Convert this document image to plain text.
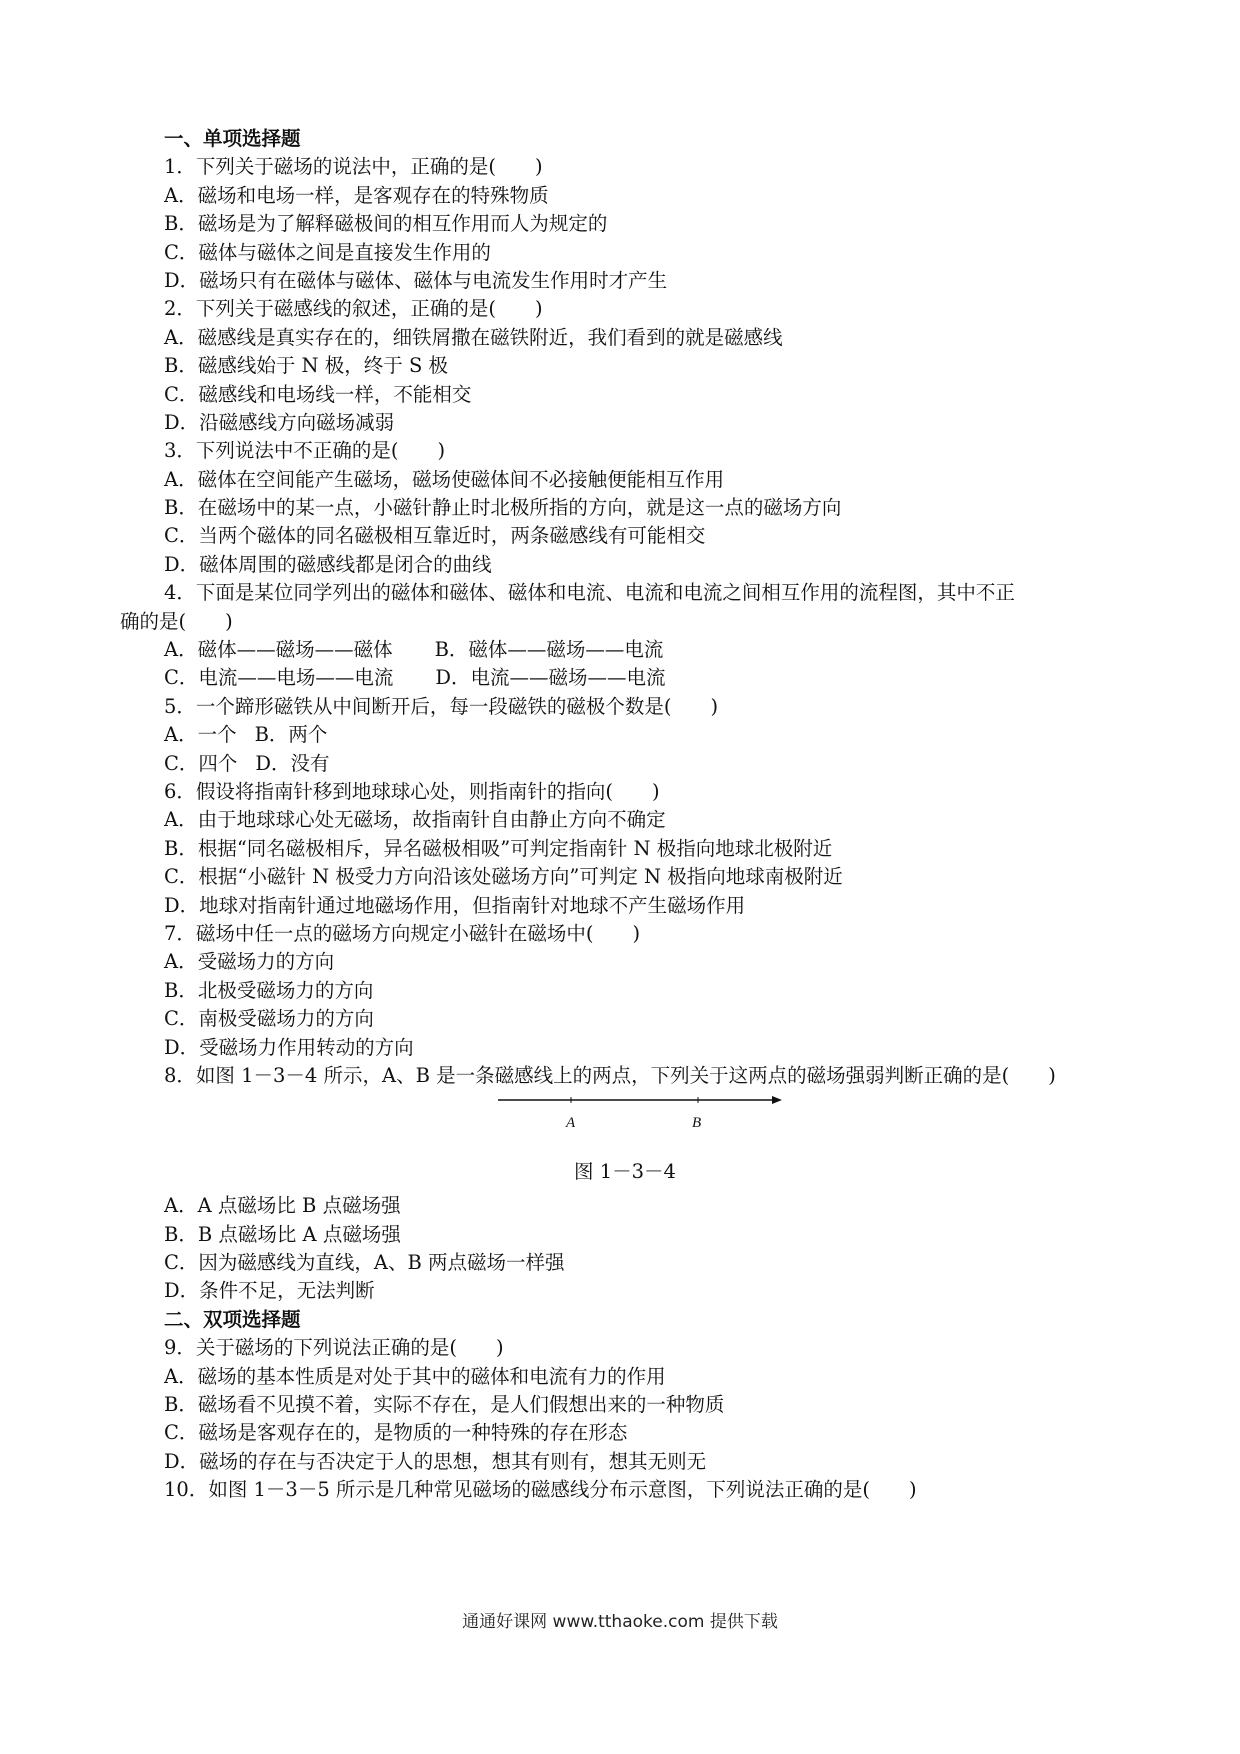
一、单项选择题
1．下列关于磁场的说法中，正确的是(　　)
A．磁场和电场一样，是客观存在的特殊物质
B．磁场是为了解释磁极间的相互作用而人为规定的
C．磁体与磁体之间是直接发生作用的
D．磁场只有在磁体与磁体、磁体与电流发生作用时才产生
2．下列关于磁感线的叙述，正确的是(　　)
A．磁感线是真实存在的，细铁屑撒在磁铁附近，我们看到的就是磁感线
B．磁感线始于 N 极，终于 S 极
C．磁感线和电场线一样，不能相交
D．沿磁感线方向磁场减弱
3．下列说法中不正确的是(　　)
A．磁体在空间能产生磁场，磁场使磁体间不必接触便能相互作用
B．在磁场中的某一点，小磁针静止时北极所指的方向，就是这一点的磁场方向
C．当两个磁体的同名磁极相互靠近时，两条磁感线有可能相交
D．磁体周围的磁感线都是闭合的曲线
4．下面是某位同学列出的磁体和磁体、磁体和电流、电流和电流之间相互作用的流程图，其中不正
确的是(　　)
A．磁体——磁场——磁体 B．磁体——磁场——电流
C．电流——电场——电流 D．电流——磁场——电流
5．一个蹄形磁铁从中间断开后，每一段磁铁的磁极个数是(　　)
A．一个 B．两个
C．四个 D．没有
6．假设将指南针移到地球球心处，则指南针的指向(　　)
A．由于地球球心处无磁场，故指南针自由静止方向不确定
B．根据“同名磁极相斥，异名磁极相吸”可判定指南针 N 极指向地球北极附近
C．根据“小磁针 N 极受力方向沿该处磁场方向”可判定 N 极指向地球南极附近
D．地球对指南针通过地磁场作用，但指南针对地球不产生磁场作用
7．磁场中任一点的磁场方向规定小磁针在磁场中(　　)
A．受磁场力的方向
B．北极受磁场力的方向
C．南极受磁场力的方向
D．受磁场力作用转动的方向
8．如图 1－3－4 所示，A、B 是一条磁感线上的两点，下列关于这两点的磁场强弱判断正确的是(　　)
A	B
图 1－3－4
A．A 点磁场比 B 点磁场强
B．B 点磁场比 A 点磁场强
C．因为磁感线为直线，A、B 两点磁场一样强
D．条件不足，无法判断
二、双项选择题
9．关于磁场的下列说法正确的是(　　)
A．磁场的基本性质是对处于其中的磁体和电流有力的作用
B．磁场看不见摸不着，实际不存在，是人们假想出来的一种物质
C．磁场是客观存在的，是物质的一种特殊的存在形态
D．磁场的存在与否决定于人的思想，想其有则有，想其无则无
10．如图 1－3－5 所示是几种常见磁场的磁感线分布示意图，下列说法正确的是(　　)
通通好课网 www.tthaoke.com 提供下载
